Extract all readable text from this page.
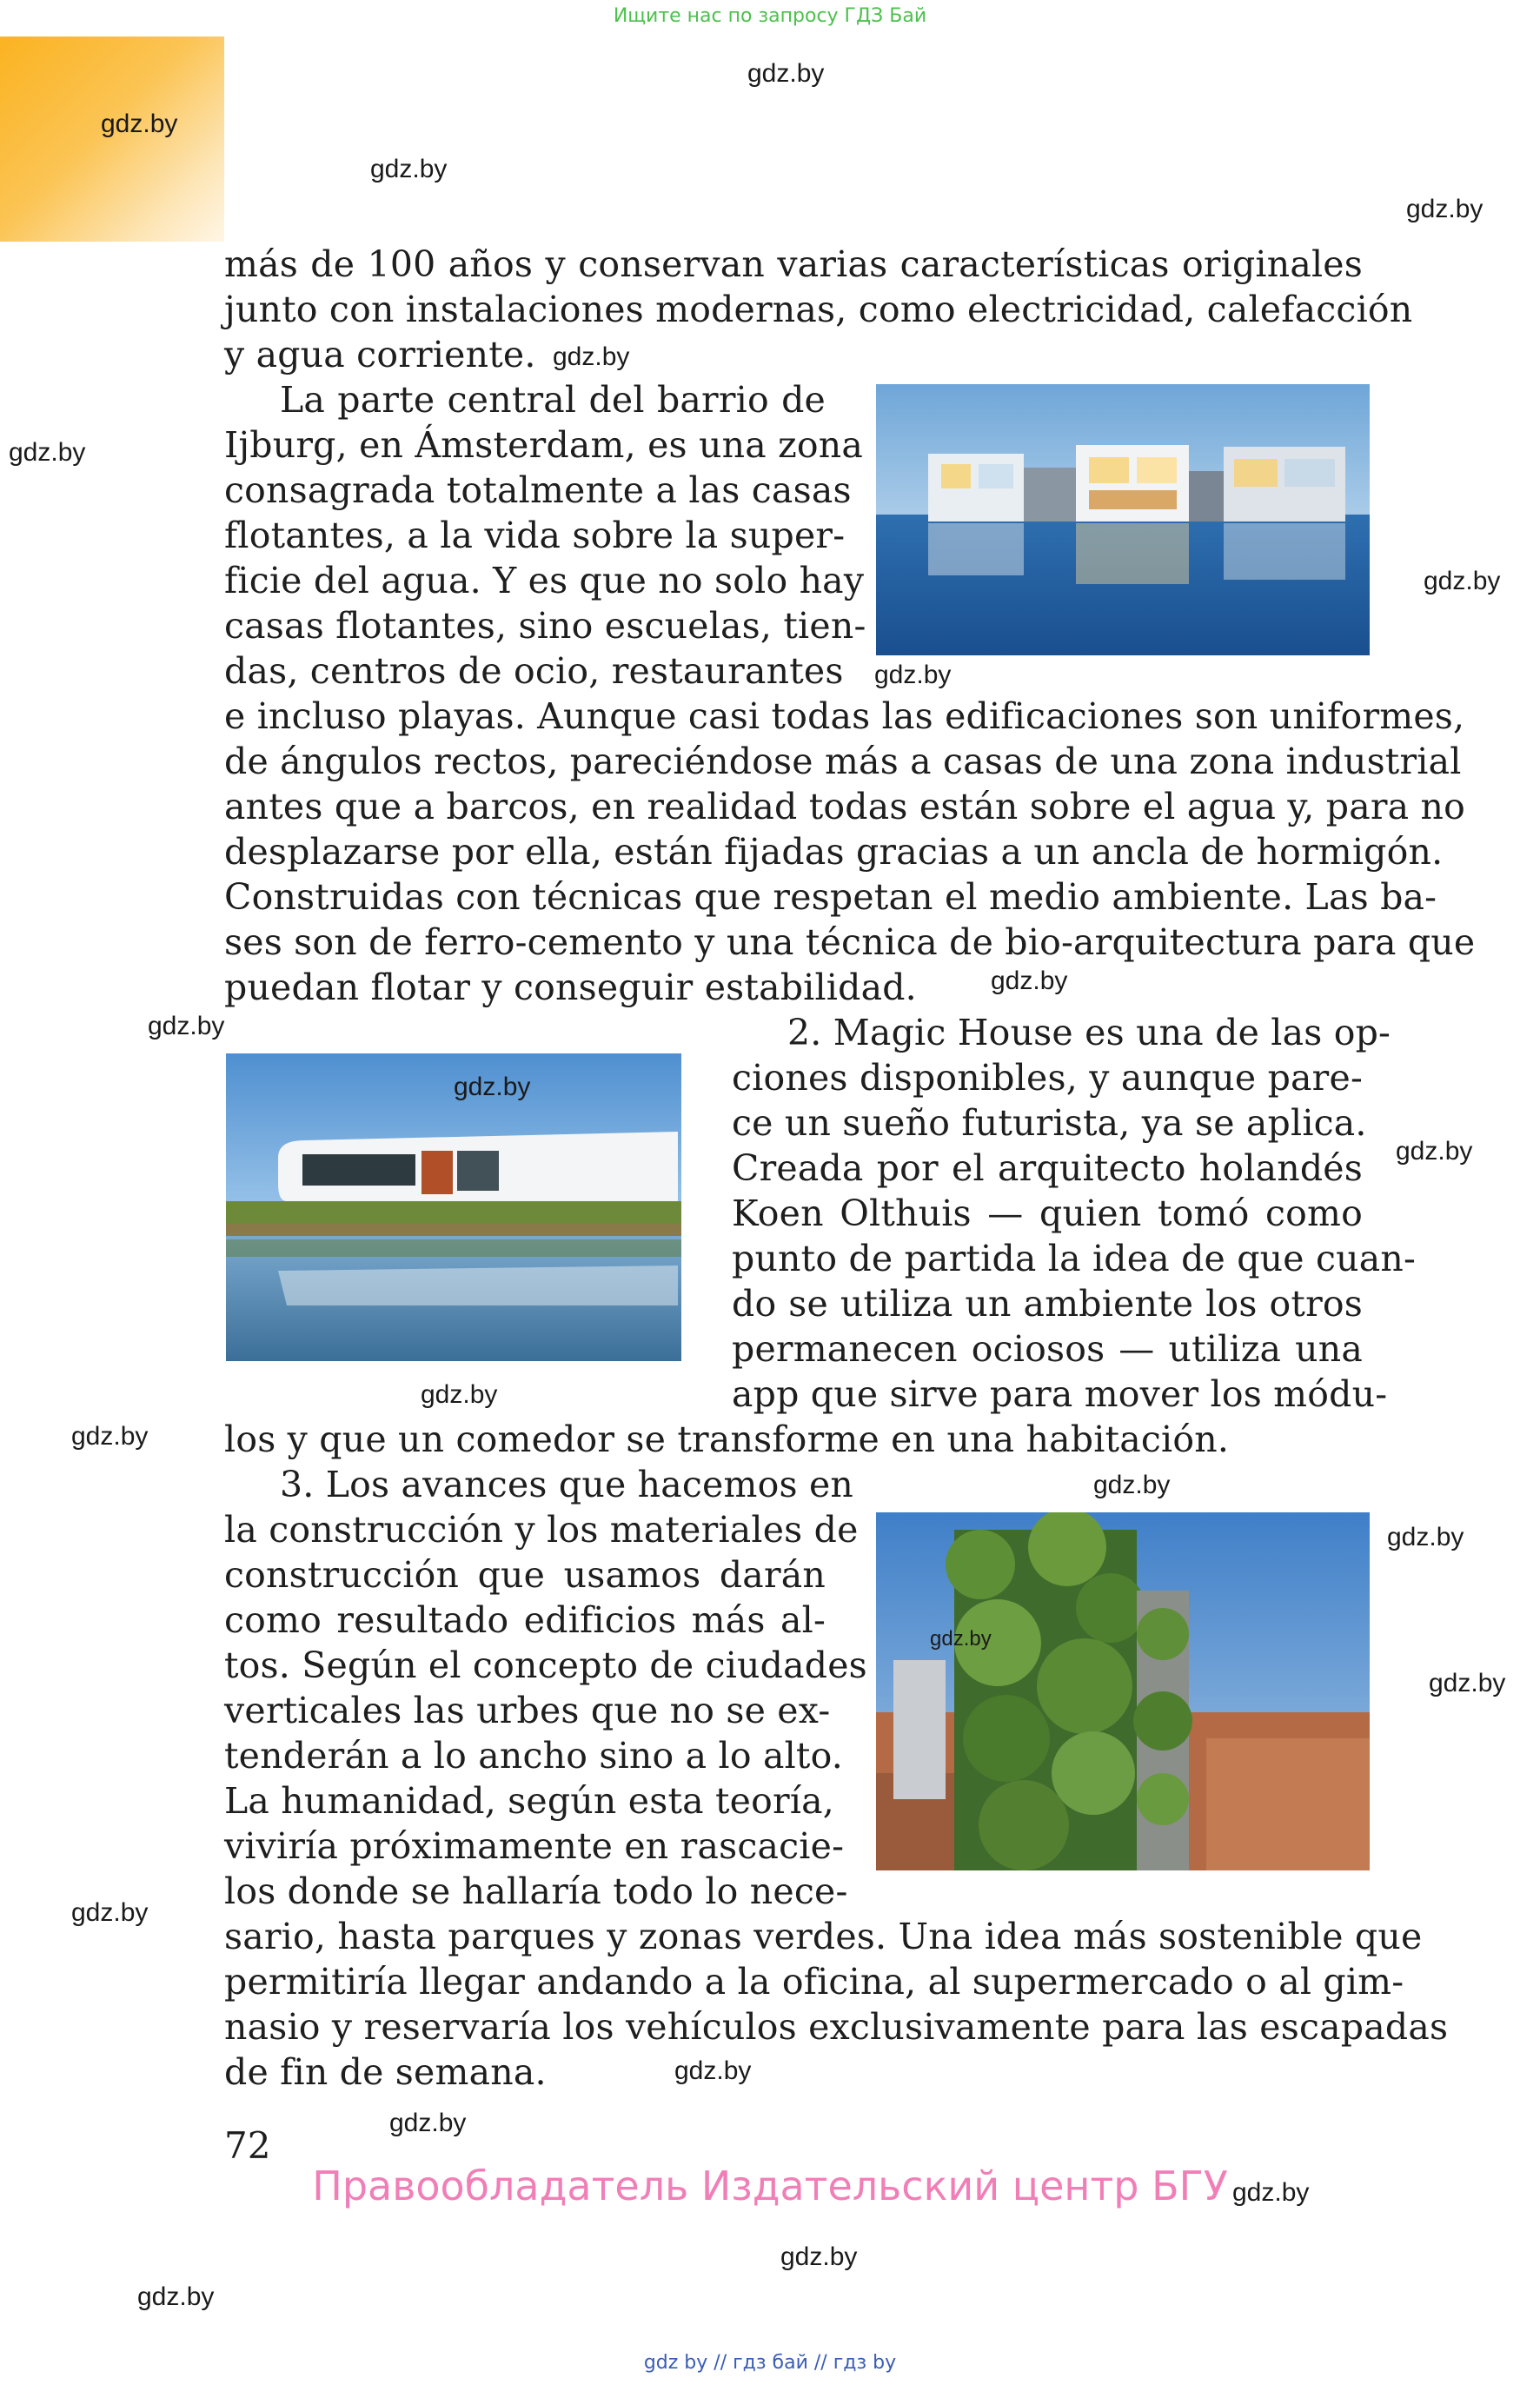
Ищите нас по запросу ГДЗ Бай
más de 100 años y conservan varias características originales
junto con instalaciones modernas, como electricidad, calefacción
y agua corriente.
La parte central del barrio de
Ijburg, en Ámsterdam, es una zona
consagrada totalmente a las casas
flotantes, a la vida sobre la super-
ficie del agua. Y es que no solo hay
casas flotantes, sino escuelas, tien-
das, centros de ocio, restaurantes
e incluso playas. Aunque casi todas las edificaciones son uniformes,
de ángulos rectos, pareciéndose más a casas de una zona industrial
antes que a barcos, en realidad todas están sobre el agua y, para no
desplazarse por ella, están fijadas gracias a un ancla de hormigón.
Construidas con técnicas que respetan el medio ambiente. Las ba-
ses son de ferro-cemento y una técnica de bio-arquitectura para que
puedan flotar y conseguir estabilidad.
2. Magic House es una de las op-
ciones disponibles, y aunque pare-
ce un sueño futurista, ya se aplica.
Creada por el arquitecto holandés
Koen Olthuis — quien tomó como
punto de partida la idea de que cuan-
do se utiliza un ambiente los otros
permanecen ociosos — utiliza una
app que sirve para mover los módu-
los y que un comedor se transforme en una habitación.
3. Los avances que hacemos en
la construcción y los materiales de
construcción que usamos darán
como resultado edificios más al-
tos. Según el concepto de ciudades
verticales las urbes que no se ex-
tenderán a lo ancho sino a lo alto.
La humanidad, según esta teoría,
viviría próximamente en rascacie-
los donde se hallaría todo lo nece-
sario, hasta parques y zonas verdes. Una idea más sostenible que
permitiría llegar andando a la oficina, al supermercado o al gim-
nasio y reservaría los vehículos exclusivamente para las escapadas
de fin de semana.
72
Правообладатель Издательский центр БГУ
gdz by // гдз бай // гдз by
gdz.by
gdz.by
gdz.by
gdz.by
gdz.by
gdz.by
gdz.by
gdz.by
gdz.by
gdz.by
gdz.by
gdz.by
gdz.by
gdz.by
gdz.by
gdz.by
gdz.by
gdz.by
gdz.by
gdz.by
gdz.by
gdz.by
gdz.by
gdz.by
